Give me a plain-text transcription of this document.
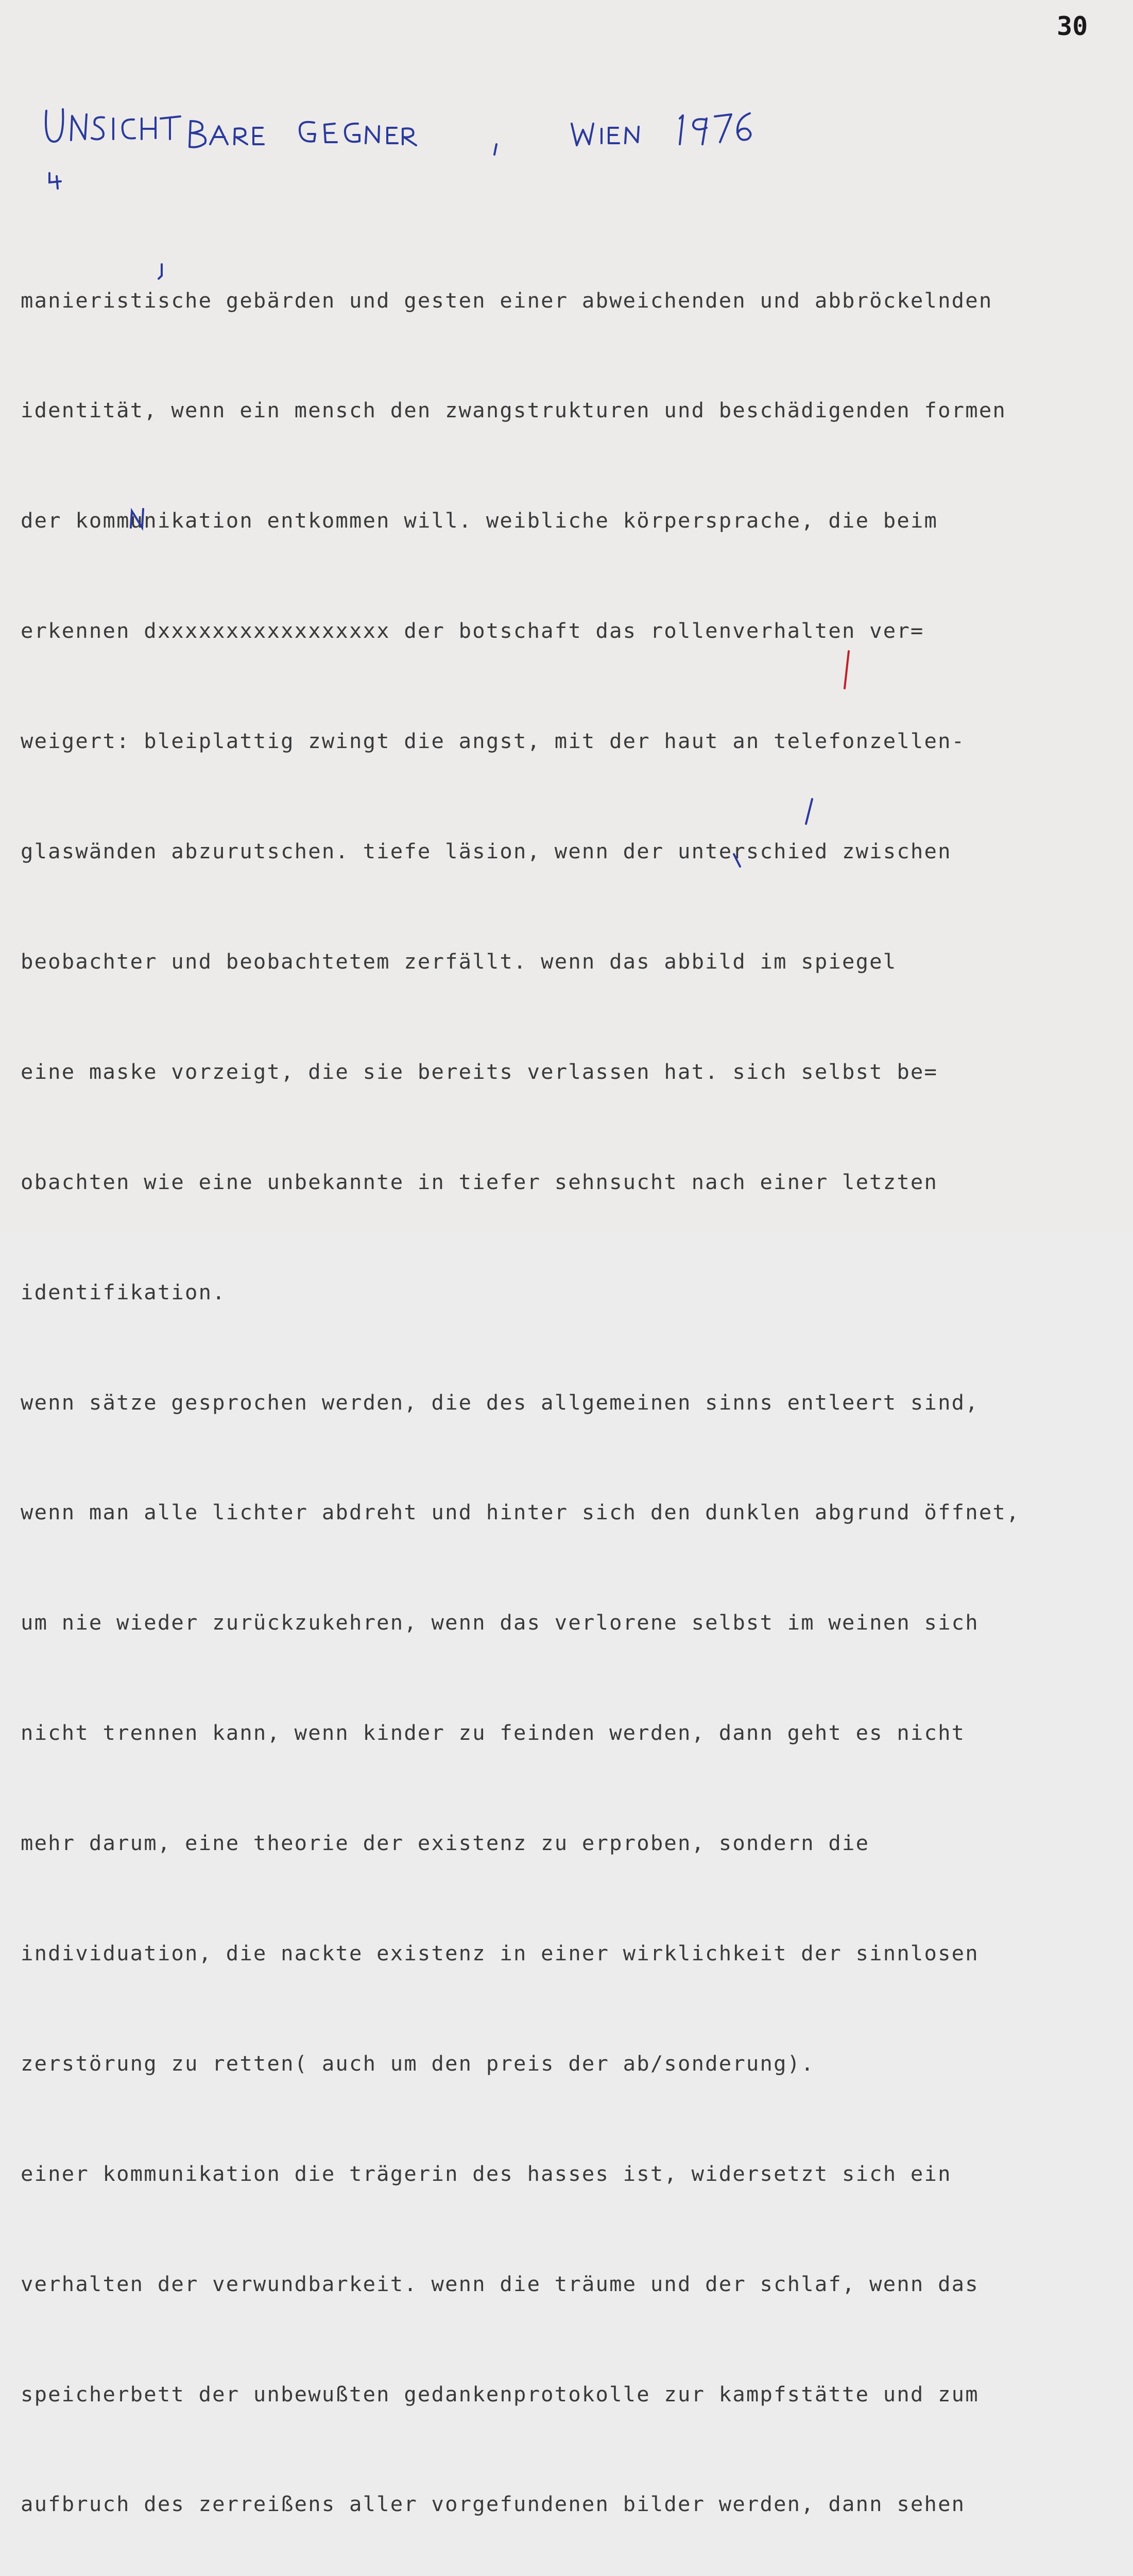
30

manieristische gebärden und gesten einer abweichenden und abbröckelnden

identität, wenn ein mensch den zwangstrukturen und beschädigenden formen

der kommunikation entkommen will. weibliche körpersprache, die beim

erkennen dxxxxxxxxxxxxxxxxx der botschaft das rollenverhalten ver=

weigert: bleiplattig zwingt die angst, mit der haut an telefonzellen-

glaswänden abzurutschen. tiefe läsion, wenn der unterschied zwischen

beobachter und beobachtetem zerfällt. wenn das abbild im spiegel

eine maske vorzeigt, die sie bereits verlassen hat. sich selbst be=

obachten wie eine unbekannte in tiefer sehnsucht nach einer letzten

identifikation.

wenn sätze gesprochen werden, die des allgemeinen sinns entleert sind,

wenn man alle lichter abdreht und hinter sich den dunklen abgrund öffnet,

um nie wieder zurückzukehren, wenn das verlorene selbst im weinen sich

nicht trennen kann, wenn kinder zu feinden werden, dann geht es nicht

mehr darum, eine theorie der existenz zu erproben, sondern die

individuation, die nackte existenz in einer wirklichkeit der sinnlosen

zerstörung zu retten( auch um den preis der ab/sonderung).

einer kommunikation die trägerin des hasses ist, widersetzt sich ein

verhalten der verwundbarkeit. wenn die träume und der schlaf, wenn das

speicherbett der unbewußten gedankenprotokolle zur kampfstätte und zum

aufbruch des zerreißens aller vorgefundenen bilder werden, dann sehen
